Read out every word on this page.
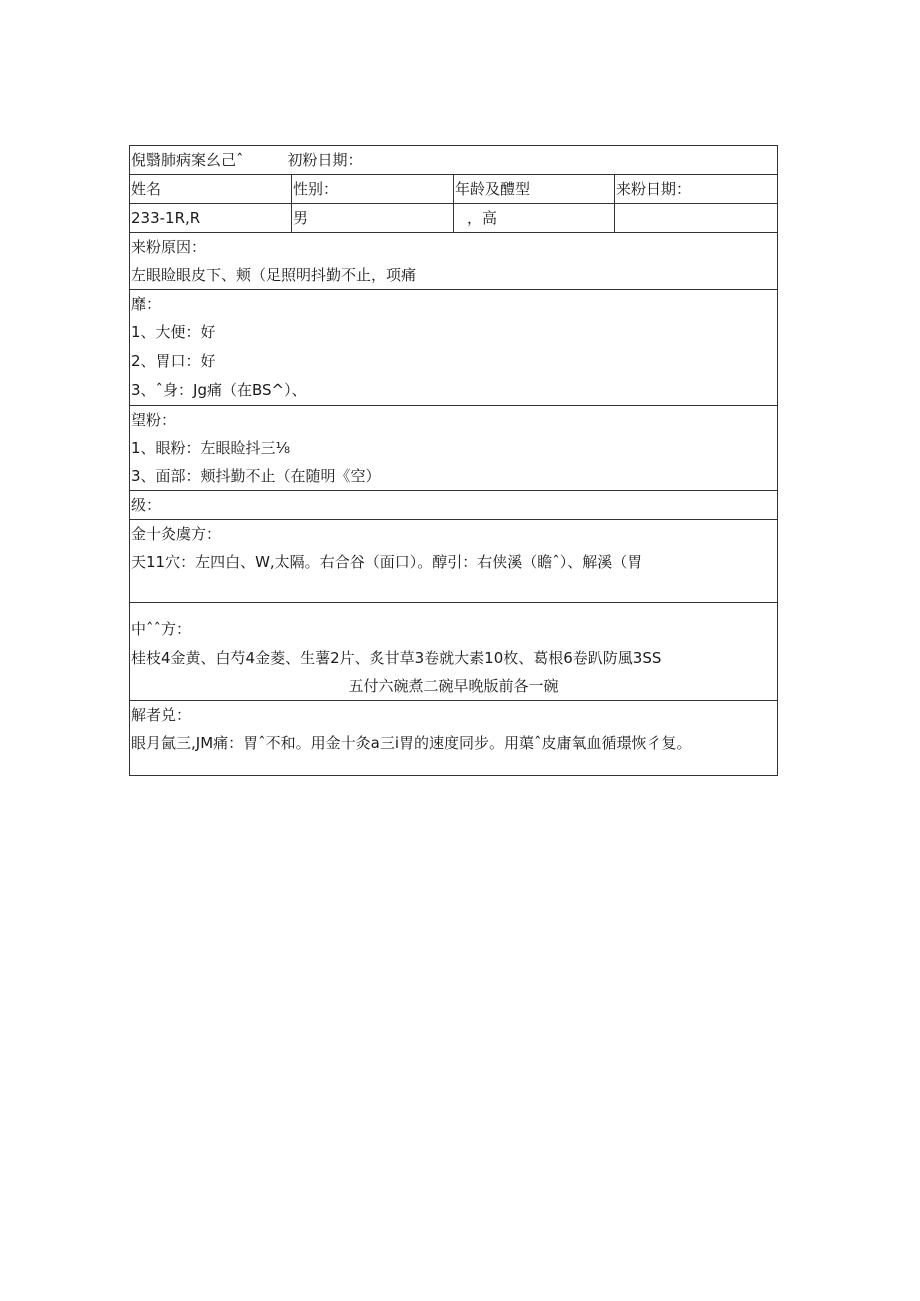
倪翳肺病案幺己ˆ 初粉日期：			
姓名	性别：	年龄及醴型	来粉日期：
233-1R,R	男	，高	

来粉原因：
左眼睑眼皮下、颊（足照明抖勤不止，项痛			

靡：
1、大便：好
2、胃口：好
3、ˆ身：Jg痛（在BS^）、			

望粉：
1、眼粉：左眼睑抖三⅛
3、面部：颊抖勤不止（在随明《空）			

级：			

金十灸虞方：
天11穴：左四白、W,太隔。右合谷（面口）。醇引：右侠溪（瞻ˆ）、解溪（胃			

中ˆˆ方：
桂枝4金黄、白芍4金菱、生薯2片、炙甘草3卷就大素10枚、葛根6卷趴防風3SS
五付六碗煮二碗早晚版前各一碗			

解者兑：
眼月氤三,JM痛：胃ˆ不和。用金十灸a三i胃的速度同步。用蕖ˆ皮庸氧血循璟恢彳复。			
